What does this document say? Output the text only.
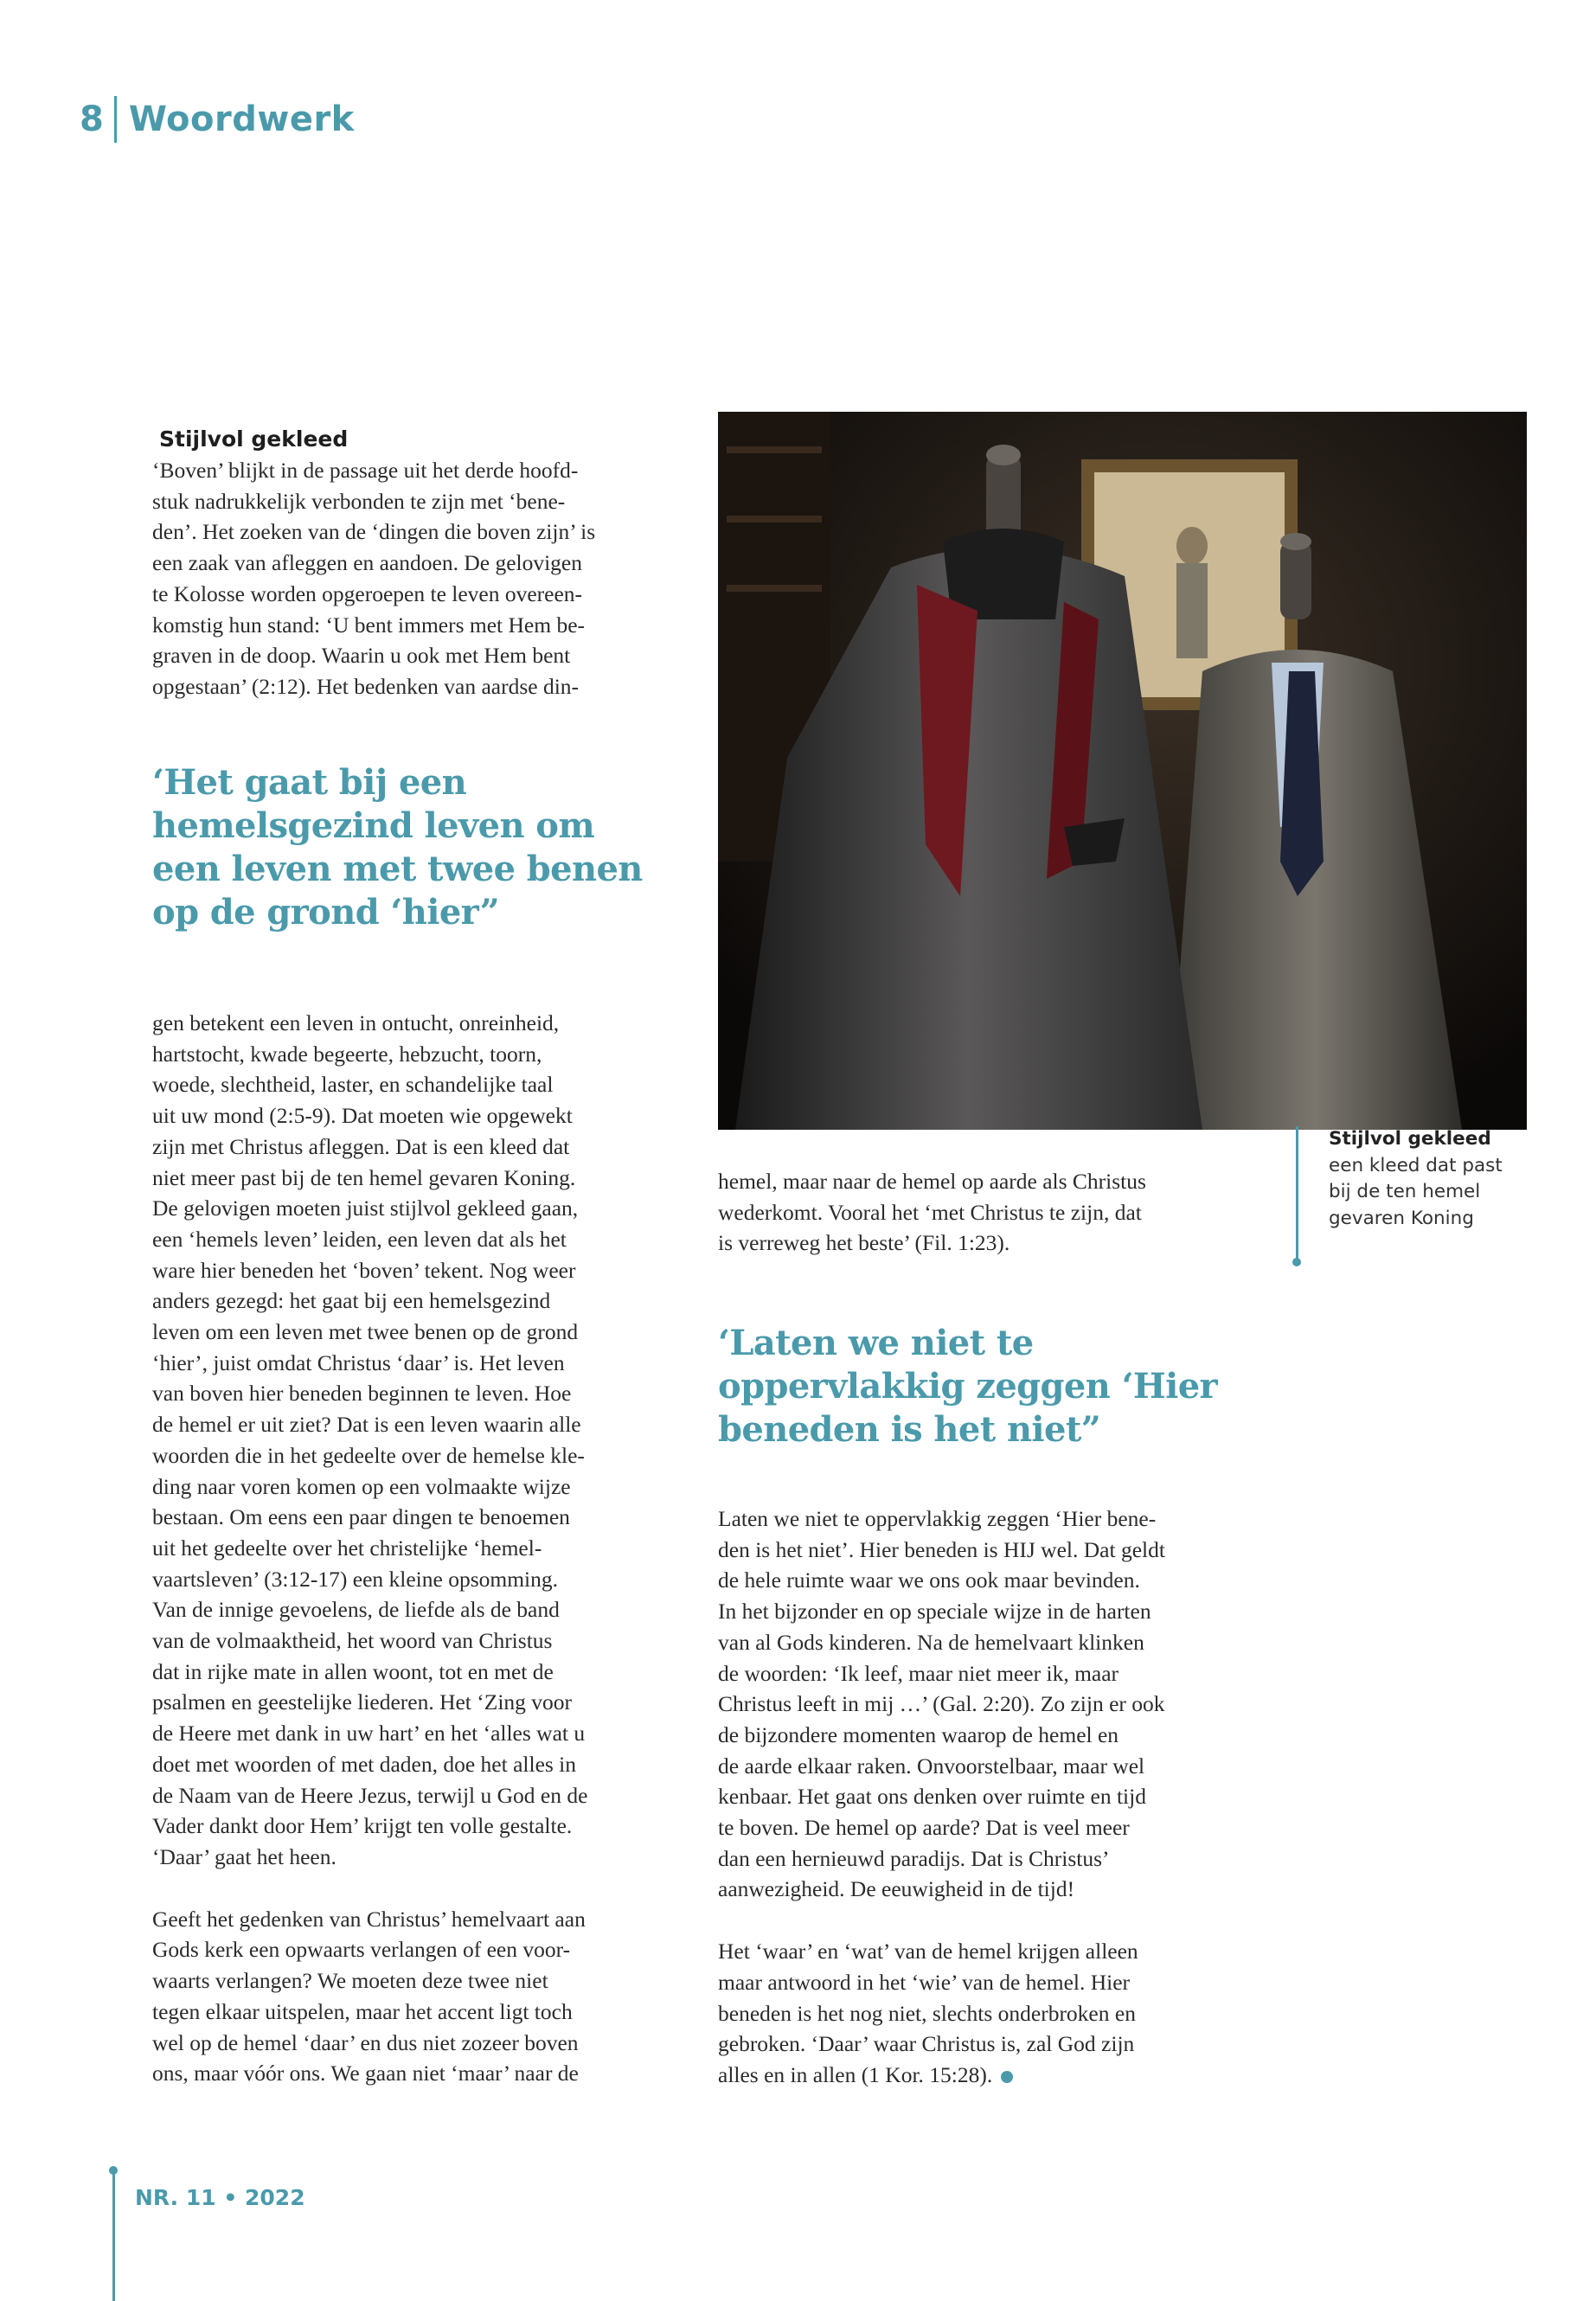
8 Woordwerk
Stijlvol gekleed

‘Boven’ blijkt in de passage uit het derde hoofd-
stuk nadrukkelijk verbonden te zijn met ‘bene-
den’. Het zoeken van de ‘dingen die boven zijn’ is
een zaak van afleggen en aandoen. De gelovigen
te Kolosse worden opgeroepen te leven overeen-
komstig hun stand: ‘U bent immers met Hem be-
graven in de doop. Waarin u ook met Hem bent
opgestaan’ (2:12). Het bedenken van aardse din-

‘Het gaat bij een
hemelsgezind leven om
een leven met twee benen
op de grond ‘hier”

gen betekent een leven in ontucht, onreinheid,
hartstocht, kwade begeerte, hebzucht, toorn,
woede, slechtheid, laster, en schandelijke taal
uit uw mond (2:5-9). Dat moeten wie opgewekt
zijn met Christus afleggen. Dat is een kleed dat
niet meer past bij de ten hemel gevaren Koning.
De gelovigen moeten juist stijlvol gekleed gaan,
een ‘hemels leven’ leiden, een leven dat als het
ware hier beneden het ‘boven’ tekent. Nog weer
anders gezegd: het gaat bij een hemelsgezind
leven om een leven met twee benen op de grond
‘hier’, juist omdat Christus ‘daar’ is. Het leven
van boven hier beneden beginnen te leven. Hoe
de hemel er uit ziet? Dat is een leven waarin alle
woorden die in het gedeelte over de hemelse kle-
ding naar voren komen op een volmaakte wijze
bestaan. Om eens een paar dingen te benoemen
uit het gedeelte over het christelijke ‘hemel-
vaartsleven’ (3:12-17) een kleine opsomming.
Van de innige gevoelens, de liefde als de band
van de volmaaktheid, het woord van Christus
dat in rijke mate in allen woont, tot en met de
psalmen en geestelijke liederen. Het ‘Zing voor
de Heere met dank in uw hart’ en het ‘alles wat u
doet met woorden of met daden, doe het alles in
de Naam van de Heere Jezus, terwijl u God en de
Vader dankt door Hem’ krijgt ten volle gestalte.
‘Daar’ gaat het heen.

Geeft het gedenken van Christus’ hemelvaart aan
Gods kerk een opwaarts verlangen of een voor-
waarts verlangen? We moeten deze twee niet
tegen elkaar uitspelen, maar het accent ligt toch
wel op de hemel ‘daar’ en dus niet zozeer boven
ons, maar vóór ons. We gaan niet ‘maar’ naar de

Stijlvol gekleed
een kleed dat past
bij de ten hemel
gevaren Koning

hemel, maar naar de hemel op aarde als Christus
wederkomt. Vooral het ‘met Christus te zijn, dat
is verreweg het beste’ (Fil. 1:23).

‘Laten we niet te
oppervlakkig zeggen ‘Hier
beneden is het niet”

Laten we niet te oppervlakkig zeggen ‘Hier bene-
den is het niet’. Hier beneden is HIJ wel. Dat geldt
de hele ruimte waar we ons ook maar bevinden.
In het bijzonder en op speciale wijze in de harten
van al Gods kinderen. Na de hemelvaart klinken
de woorden: ‘Ik leef, maar niet meer ik, maar
Christus leeft in mij …’ (Gal. 2:20). Zo zijn er ook
de bijzondere momenten waarop de hemel en
de aarde elkaar raken. Onvoorstelbaar, maar wel
kenbaar. Het gaat ons denken over ruimte en tijd
te boven. De hemel op aarde? Dat is veel meer
dan een hernieuwd paradijs. Dat is Christus’
aanwezigheid. De eeuwigheid in de tijd!

Het ‘waar’ en ‘wat’ van de hemel krijgen alleen
maar antwoord in het ‘wie’ van de hemel. Hier
beneden is het nog niet, slechts onderbroken en
gebroken. ‘Daar’ waar Christus is, zal God zijn
alles en in allen (1 Kor. 15:28).

NR. 11 • 2022
